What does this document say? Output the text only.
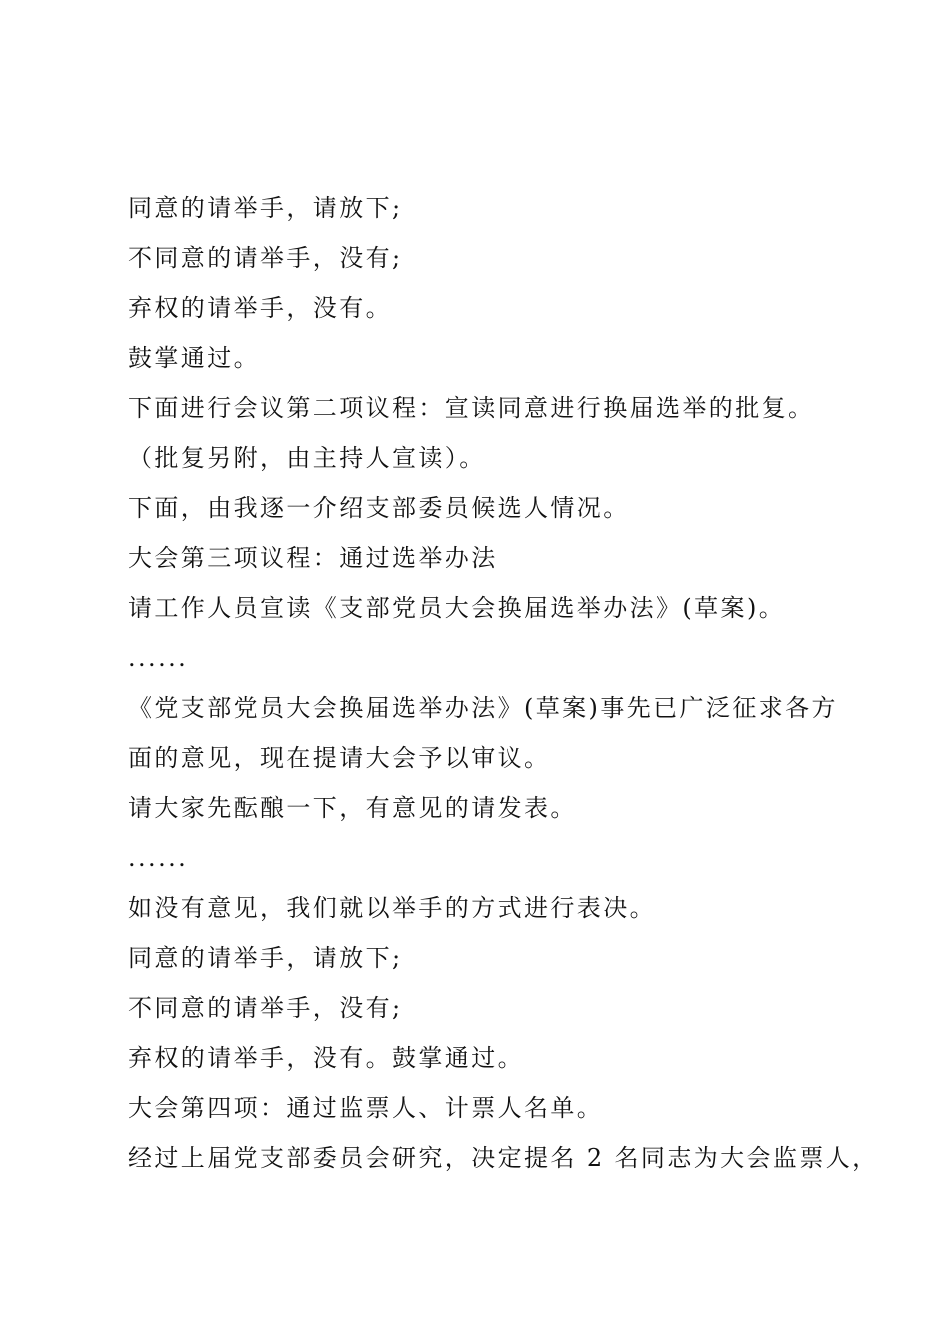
同意的请举手，请放下;
不同意的请举手，没有;
弃权的请举手，没有。
鼓掌通过。
下面进行会议第二项议程：宣读同意进行换届选举的批复。
（批复另附，由主持人宣读）。
下面，由我逐一介绍支部委员候选人情况。
大会第三项议程：通过选举办法
请工作人员宣读《支部党员大会换届选举办法》(草案)。
......
《党支部党员大会换届选举办法》(草案)事先已广泛征求各方
面的意见，现在提请大会予以审议。
请大家先酝酿一下，有意见的请发表。
......
如没有意见，我们就以举手的方式进行表决。
同意的请举手，请放下;
不同意的请举手，没有;
弃权的请举手，没有。鼓掌通过。
大会第四项：通过监票人、计票人名单。
经过上届党支部委员会研究，决定提名 2 名同志为大会监票人，
